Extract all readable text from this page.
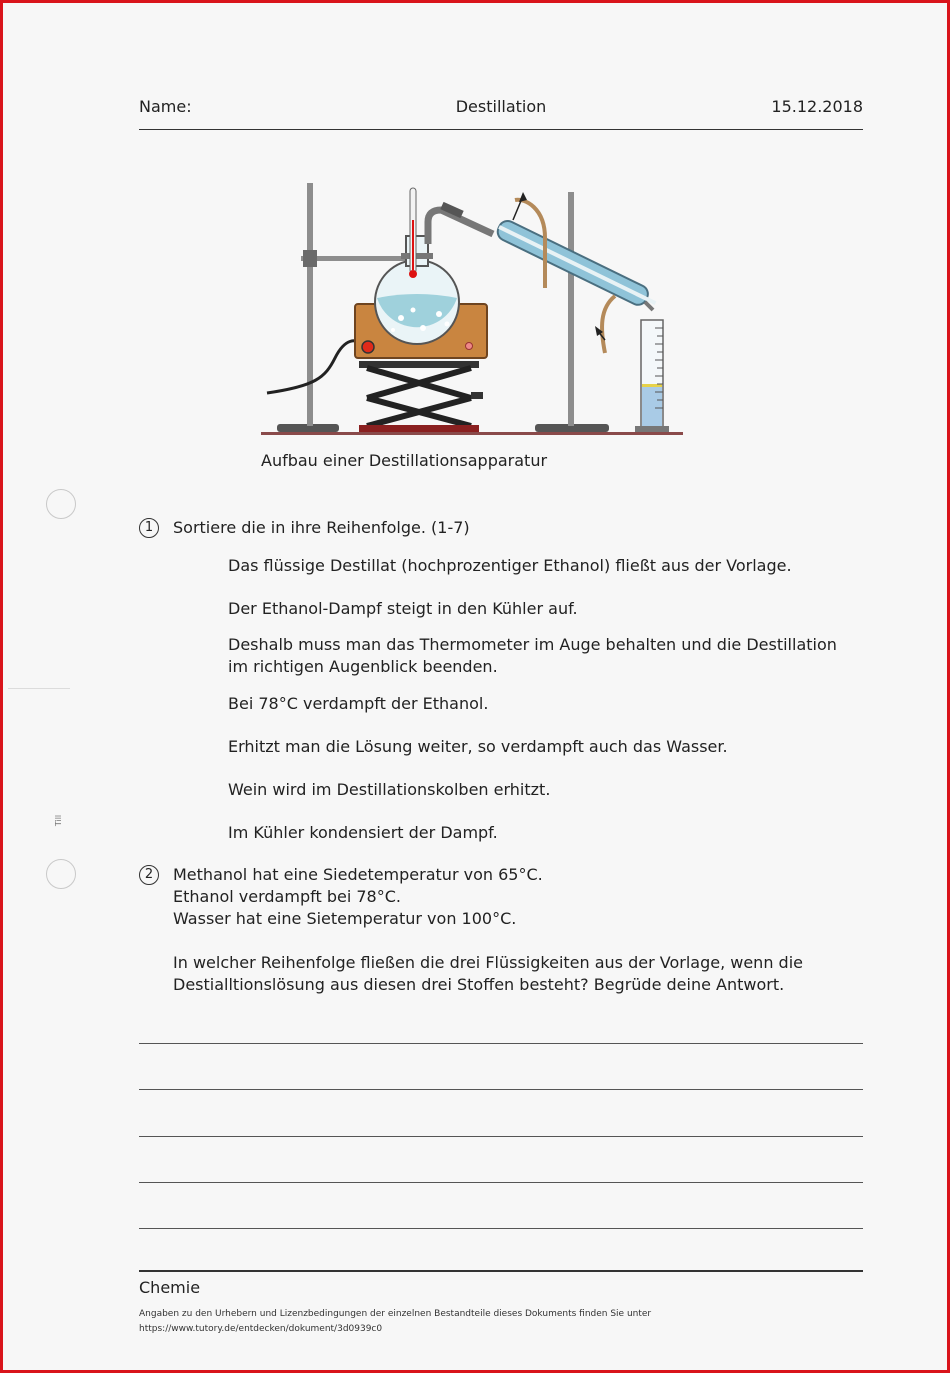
Name:	Destillation	15.12.2018
Aufbau einer Destillationsapparatur
Till
1	Sortiere die in ihre Reihenfolge. (1-7)
Das flüssige Destillat (hochprozentiger Ethanol) fließt aus der Vorlage.
Der Ethanol-Dampf steigt in den Kühler auf.
Deshalb muss man das Thermometer im Auge behalten und die Destillation im richtigen Augenblick beenden.
Bei 78°C verdampft der Ethanol.
Erhitzt man die Lösung weiter, so verdampft auch das Wasser.
Wein wird im Destillationskolben erhitzt.
Im Kühler kondensiert der Dampf.
2	Methanol hat eine Siedetemperatur von 65°C.
Ethanol verdampft bei 78°C.
Wasser hat eine Sietemperatur von 100°C.
In welcher Reihenfolge fließen die drei Flüssigkeiten aus der Vorlage, wenn die Destialltionslösung aus diesen drei Stoffen besteht? Begrüde deine Antwort.
Chemie
Angaben zu den Urhebern und Lizenzbedingungen der einzelnen Bestandteile dieses Dokuments finden Sie unter
https://www.tutory.de/entdecken/dokument/3d0939c0
